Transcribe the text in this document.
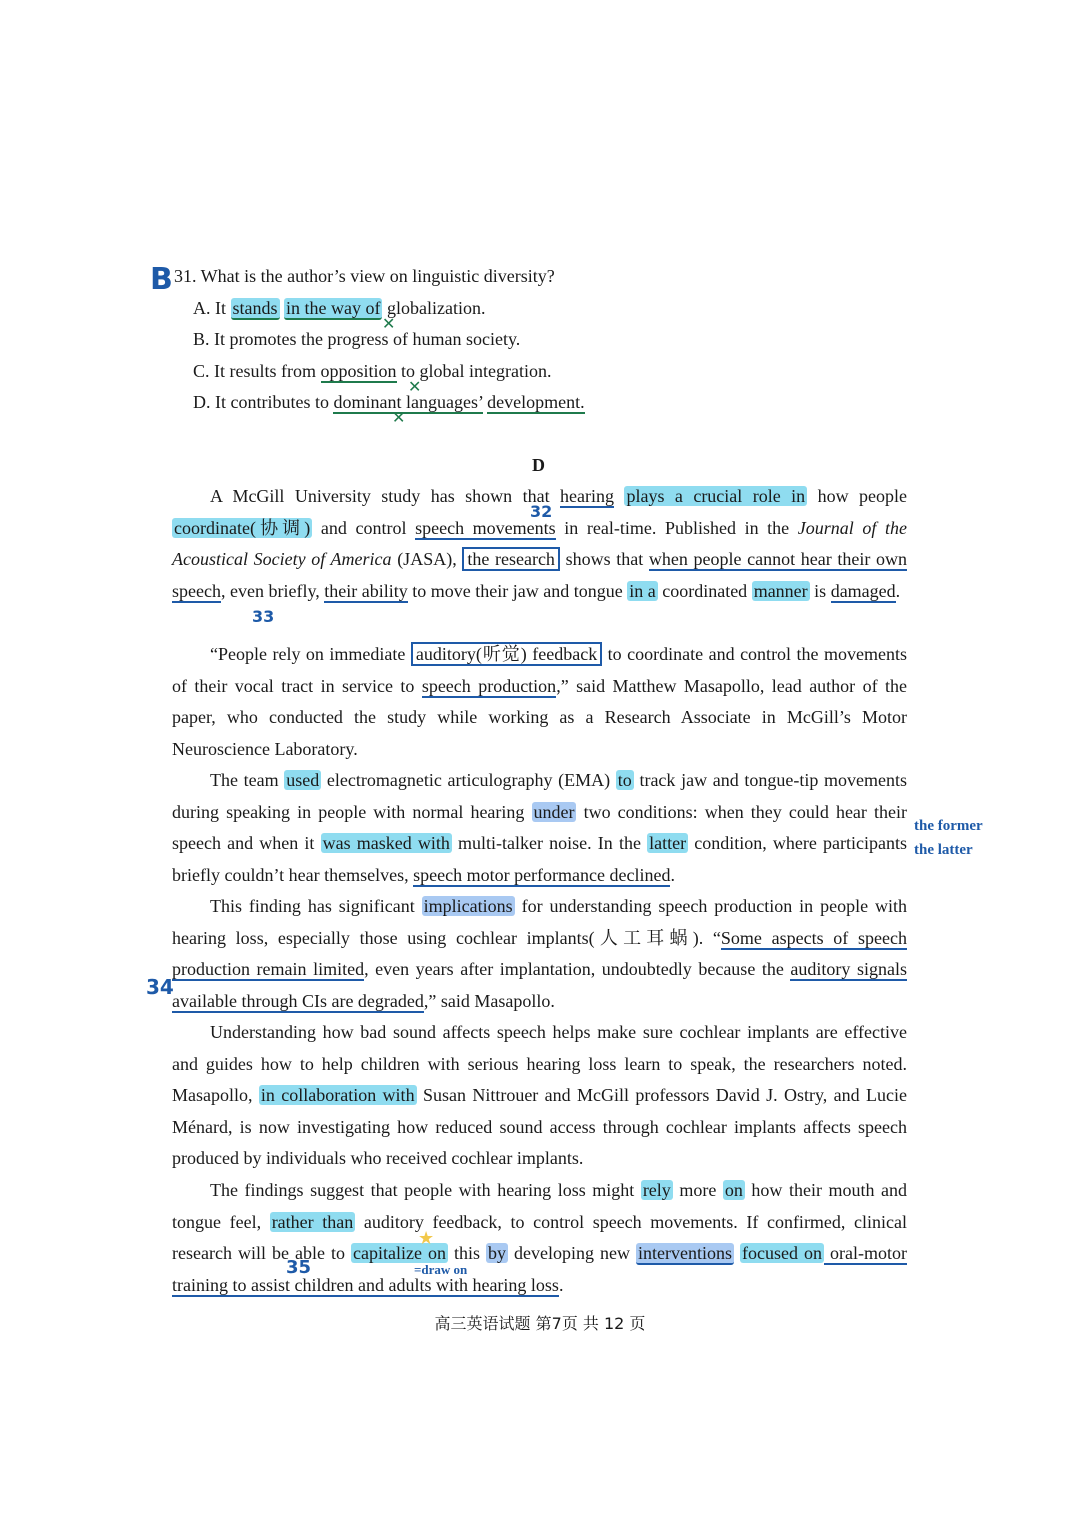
B 31. What is the author’s view on linguistic diversity?
A. It stands in the way of globalization.
✕
B. It promotes the progress of human society.
C. It results from opposition to global integration.
✕
D. It contributes to dominant languages’ development.
✕
D

A McGill University study has shown that hearing plays a crucial role in how people coordinate(协调) and control speech movements in real-time. Published in the Journal of the Acoustical Society of America (JASA), the research shows that when people cannot hear their own speech, even briefly, their ability to move their jaw and tongue in a coordinated manner is damaged.

32
33

“People rely on immediate auditory(听觉) feedback to coordinate and control the movements of their vocal tract in service to speech production,” said Matthew Masapollo, lead author of the paper, who conducted the study while working as a Research Associate in McGill’s Motor Neuroscience Laboratory.

The team used electromagnetic articulography (EMA) to track jaw and tongue-tip movements during speaking in people with normal hearing under two conditions: when they could hear their speech and when it was masked with multi-talker noise. In the latter condition, where participants briefly couldn’t hear themselves, speech motor performance declined.

the former
the latter

This finding has significant implications for understanding speech production in people with hearing loss, especially those using cochlear implants(人工耳蜗). “Some aspects of speech production remain limited, even years after implantation, undoubtedly because the auditory signals available through CIs are degraded,” said Masapollo.

34

Understanding how bad sound affects speech helps make sure cochlear implants are effective and guides how to help children with serious hearing loss learn to speak, the researchers noted. Masapollo, in collaboration with Susan Nittrouer and McGill professors David J. Ostry, and Lucie Ménard, is now investigating how reduced sound access through cochlear implants affects speech produced by individuals who received cochlear implants.

The findings suggest that people with hearing loss might rely more on how their mouth and tongue feel, rather than auditory feedback, to control speech movements. If confirmed, clinical research will be able to capitalize on this by developing new interventions focused on oral-motor training to assist children and adults with hearing loss.

35	=draw on
★
高三英语试题 第7页 共 12 页
